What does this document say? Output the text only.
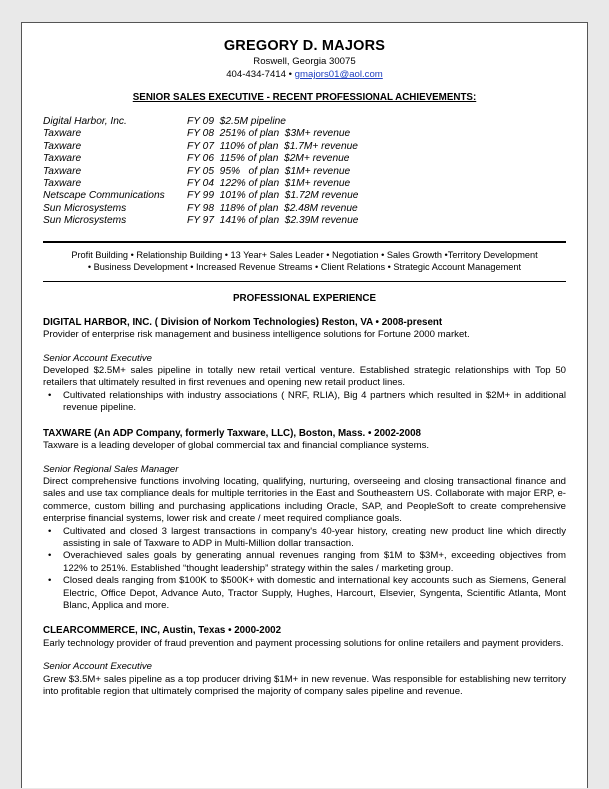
GREGORY D. MAJORS
Roswell, Georgia 30075
404-434-7414 • gmajors01@aol.com
SENIOR SALES EXECUTIVE - RECENT PROFESSIONAL ACHIEVEMENTS:
Digital Harbor, Inc.	FY 09  $2.5M pipeline
Taxware	FY 08  251% of plan  $3M+ revenue
Taxware	FY 07  110% of plan  $1.7M+ revenue
Taxware	FY 06  115% of plan  $2M+ revenue
Taxware	FY 05  95%   of plan  $1M+ revenue
Taxware	FY 04  122% of plan  $1M+ revenue
Netscape Communications	FY 99  101% of plan  $1.72M revenue
Sun Microsystems	FY 98  118% of plan  $2.48M revenue
Sun Microsystems	FY 97  141% of plan  $2.39M revenue
Profit Building • Relationship Building • 13 Year+ Sales Leader • Negotiation • Sales Growth •Territory Development
• Business Development • Increased Revenue Streams • Client Relations • Strategic Account Management
PROFESSIONAL EXPERIENCE
DIGITAL HARBOR, INC. ( Division of Norkom Technologies) Reston, VA • 2008-present
Provider of enterprise risk management and business intelligence solutions for Fortune 2000 market.
Senior Account Executive
Developed $2.5M+ sales pipeline in totally new retail vertical venture. Established strategic relationships with Top 50 retailers that ultimately resulted in first revenues and opening new retail product lines.
• Cultivated relationships with industry associations ( NRF, RLIA), Big 4 partners which resulted in $2M+ in additional revenue pipeline.
TAXWARE (An ADP Company, formerly Taxware, LLC), Boston, Mass. • 2002-2008
Taxware is a leading developer of global commercial tax and financial compliance systems.
Senior Regional Sales Manager
Direct comprehensive functions involving locating, qualifying, nurturing, overseeing and closing transactional finance and sales and use tax compliance deals for multiple territories in the East and Southeastern US. Collaborate with major ERP, e-commerce, custom billing and purchasing applications including Oracle, SAP, and PeopleSoft to create comprehensive enterprise financial systems, lower risk and create / meet required compliance goals.
• Cultivated and closed 3 largest transactions in company's 40-year history, creating new product line which directly assisting in sale of Taxware to ADP in Multi-Million dollar transaction.
• Overachieved sales goals by generating annual revenues ranging from $1M to $3M+, exceeding objectives from 122% to 251%. Established “thought leadership” strategy within the sales / marketing group.
• Closed deals ranging from $100K to $500K+ with domestic and international key accounts such as Siemens, General Electric, Office Depot, Advance Auto, Tractor Supply, Hughes, Harcourt, Elsevier, Syngenta, Scientific Atlanta, Mont Blanc, Applica and more.
CLEARCOMMERCE, INC, Austin, Texas • 2000-2002
Early technology provider of fraud prevention and payment processing solutions for online retailers and payment providers.
Senior Account Executive
Grew $3.5M+ sales pipeline as a top producer driving $1M+ in new revenue. Was responsible for establishing new territory into profitable region that ultimately comprised the majority of company sales pipeline and revenue.
